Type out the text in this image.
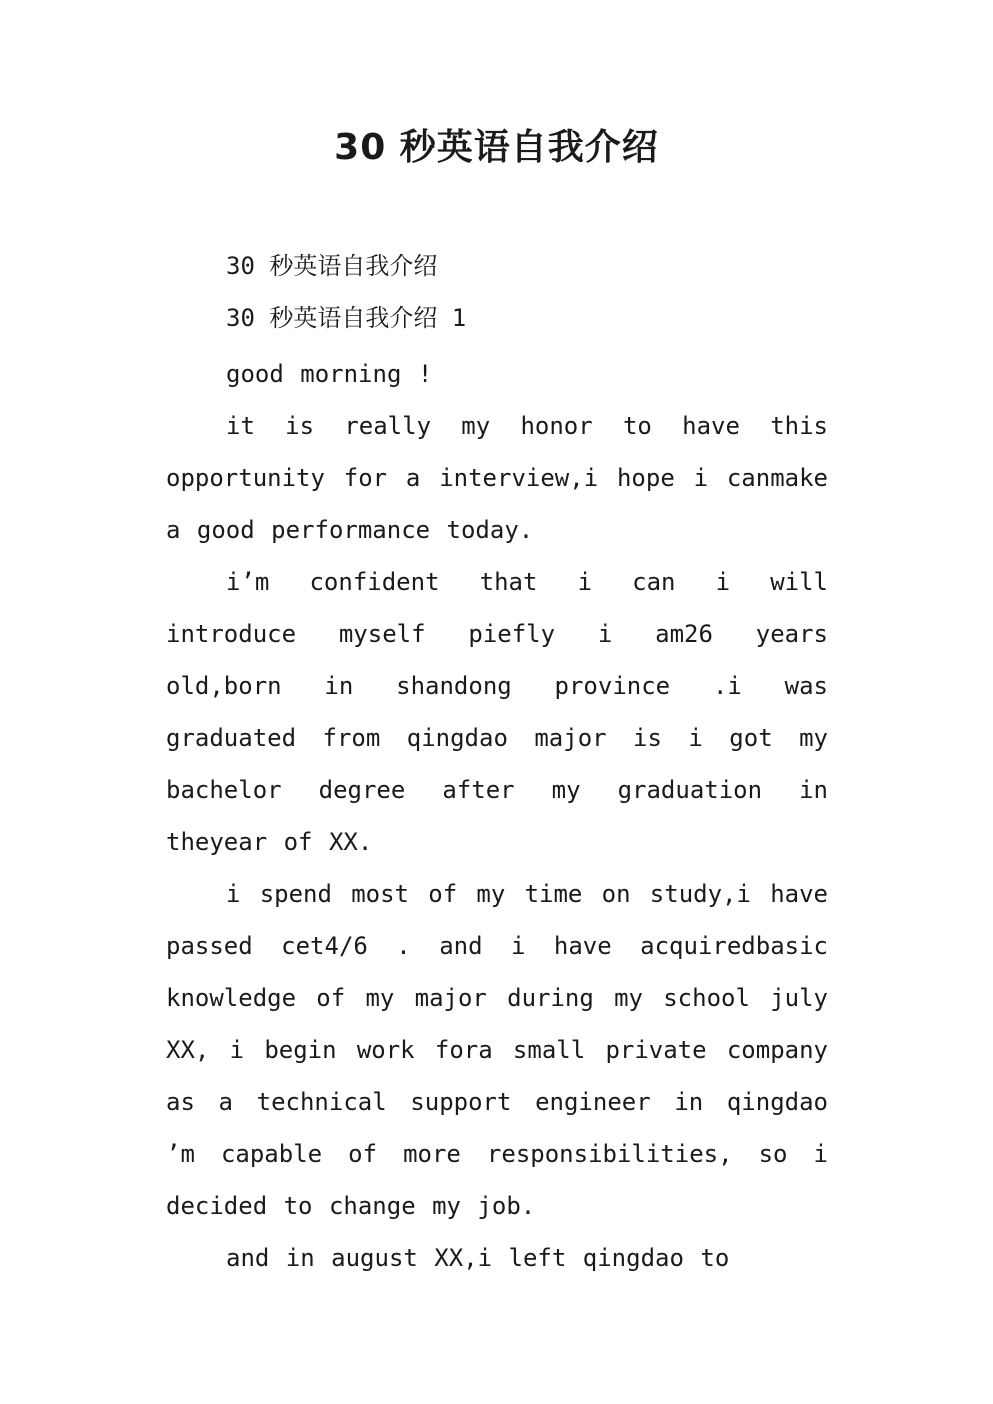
30 秒英语自我介绍

30 秒英语自我介绍

30 秒英语自我介绍 1

good morning !

it is really my honor to have this opportunity for a interview,i hope i canmake a good performance today.

i’m confident that i can i will introduce myself piefly i am26 years old,born in shandong province .i was graduated from qingdao major is i got my bachelor degree after my graduation in theyear of XX.

i spend most of my time on study,i have passed cet4/6 . and i have acquiredbasic knowledge of my major during my school july XX, i begin work fora small private company as a technical support engineer in qingdao ’m capable of more responsibilities, so i decided to change my job.

and in august XX,i left qingdao to
